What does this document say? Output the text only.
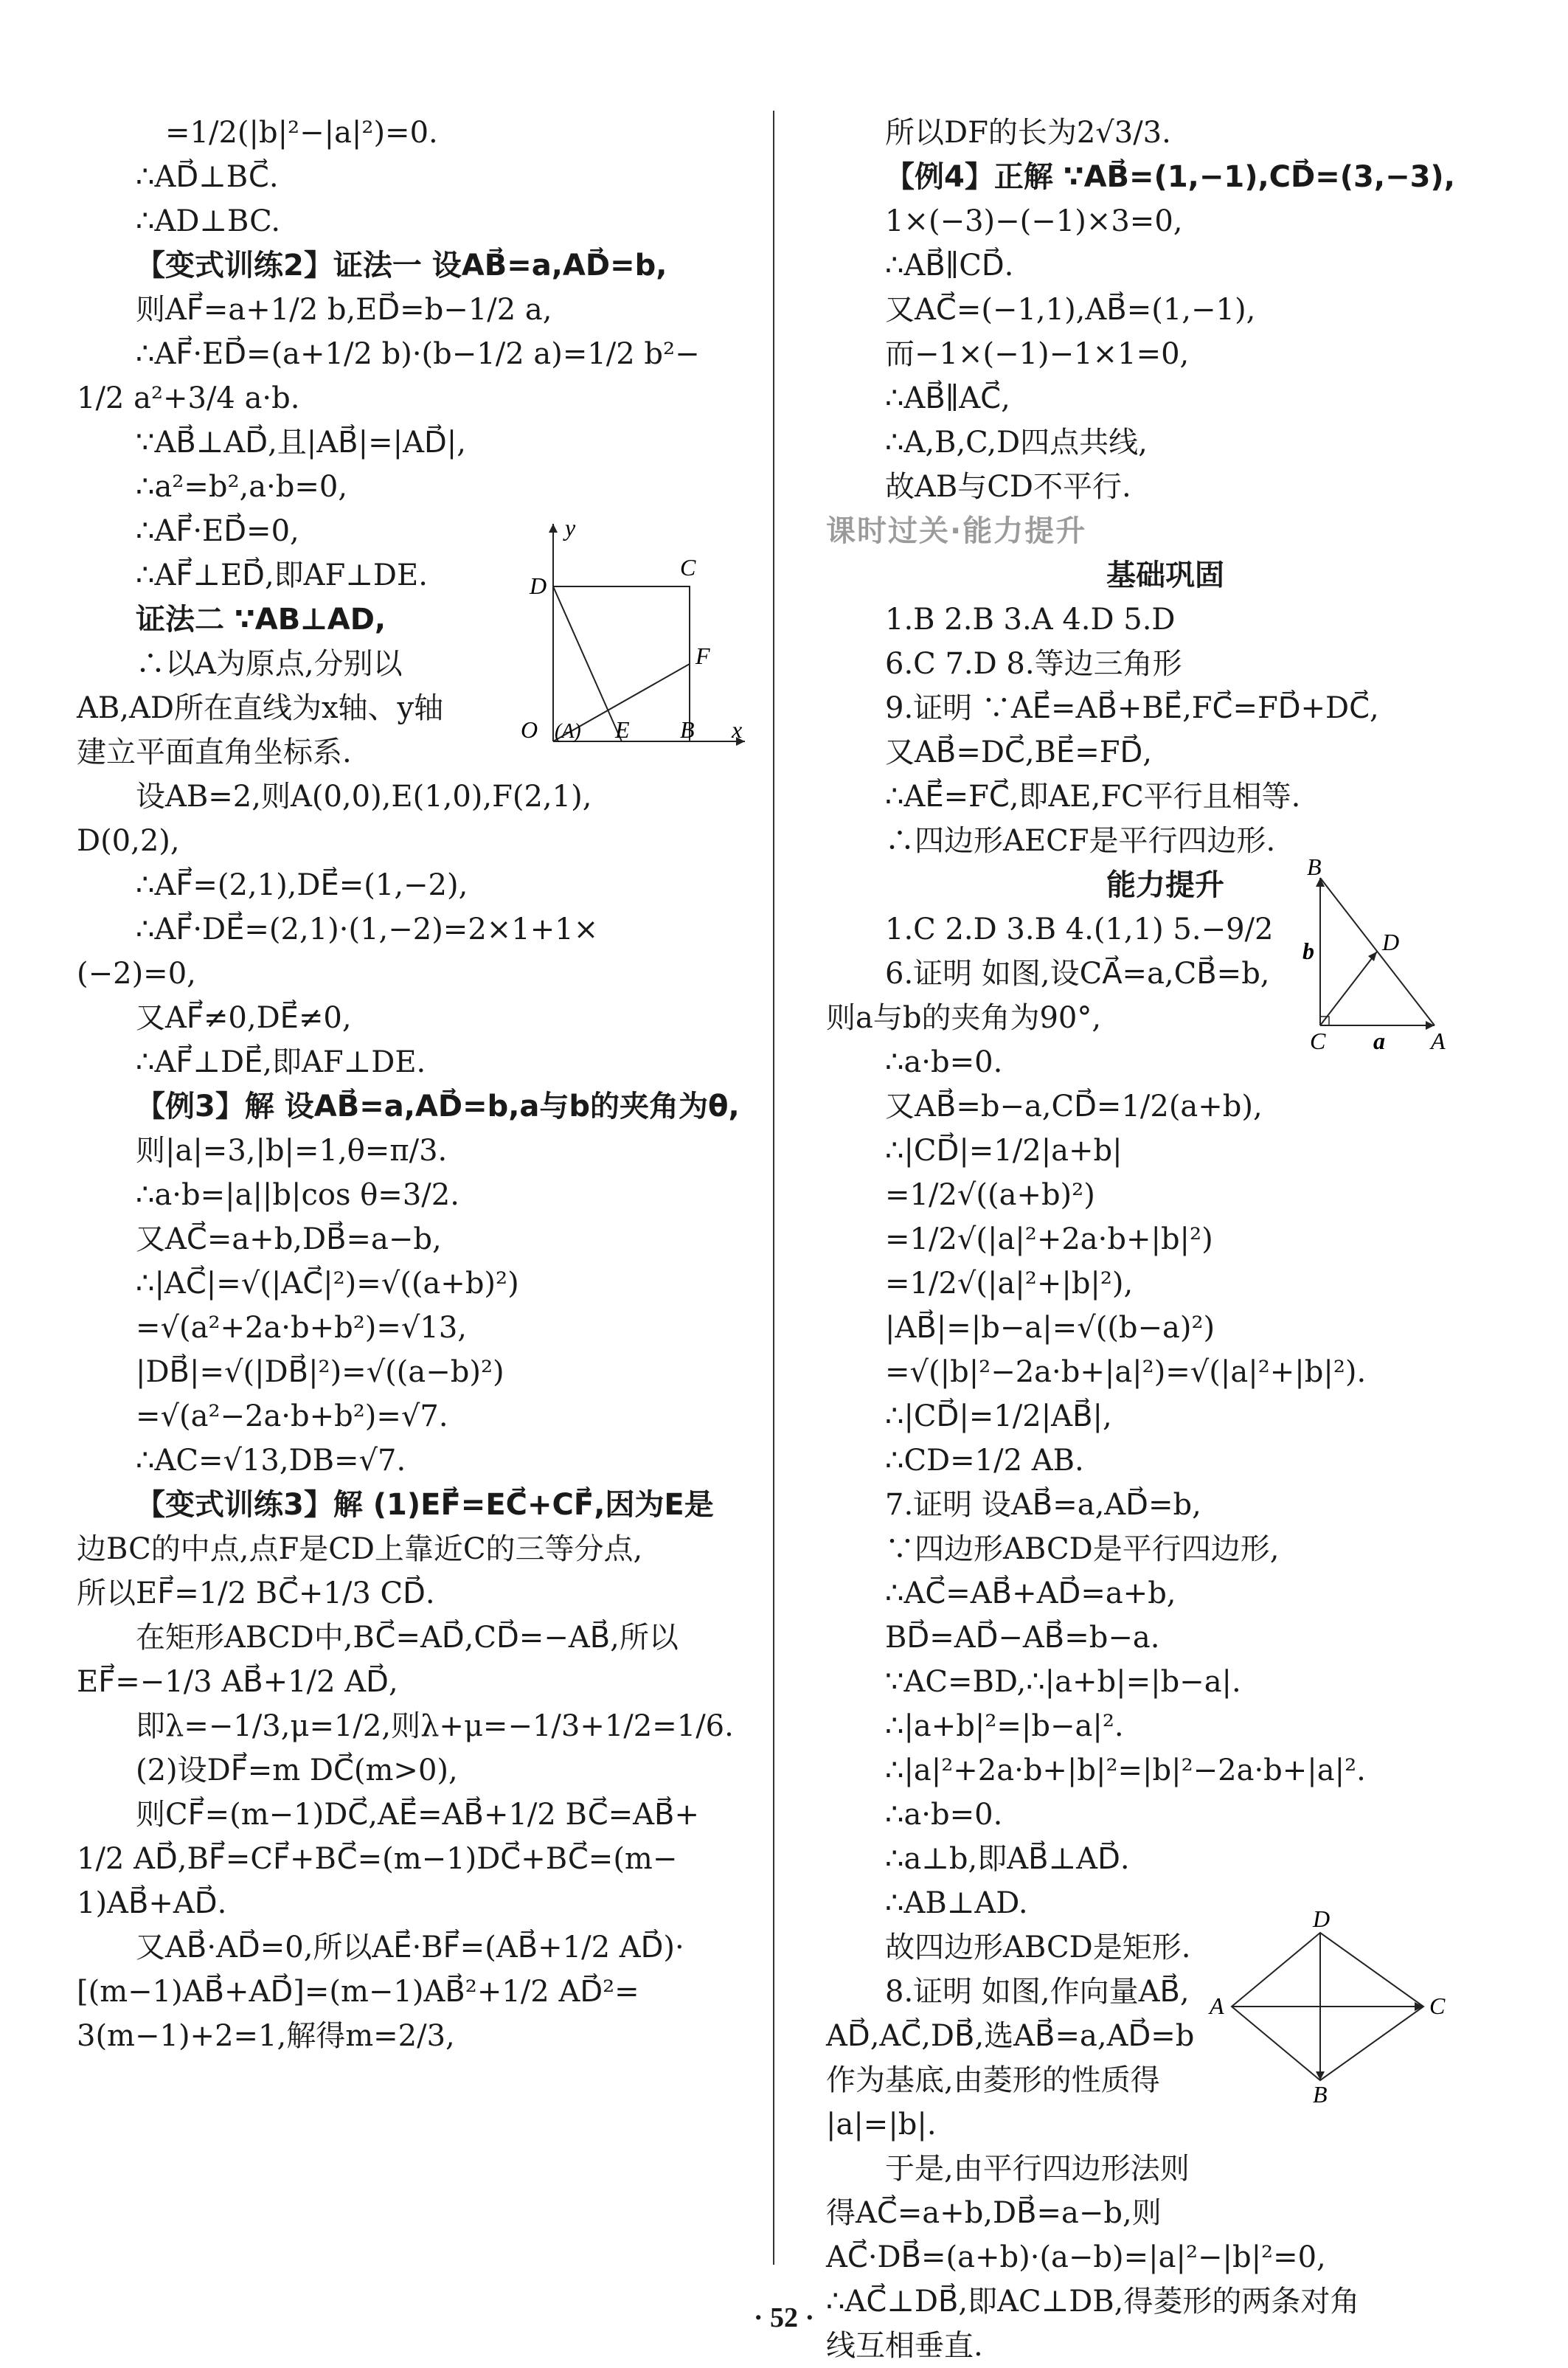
=1/2(|b|²−|a|²)=0.
∴AD⃗⊥BC⃗.
∴AD⊥BC.
【变式训练2】证法一 设AB⃗=a,AD⃗=b,
则AF⃗=a+1/2 b,ED⃗=b−1/2 a,
∴AF⃗·ED⃗=(a+1/2 b)·(b−1/2 a)=1/2 b²−
1/2 a²+3/4 a·b.
∵AB⃗⊥AD⃗,且|AB⃗|=|AD⃗|,
∴a²=b²,a·b=0,
∴AF⃗·ED⃗=0,
∴AF⃗⊥ED⃗,即AF⊥DE.
证法二 ∵AB⊥AD,
∴以A为原点,分别以
AB,AD所在直线为x轴、y轴
建立平面直角坐标系.
设AB=2,则A(0,0),E(1,0),F(2,1),
D(0,2),
∴AF⃗=(2,1),DE⃗=(1,−2),
∴AF⃗·DE⃗=(2,1)·(1,−2)=2×1+1×
(−2)=0,
又AF⃗≠0,DE⃗≠0,
∴AF⃗⊥DE⃗,即AF⊥DE.
【例3】解 设AB⃗=a,AD⃗=b,a与b的夹角为θ,
则|a|=3,|b|=1,θ=π/3.
∴a·b=|a||b|cos θ=3/2.
又AC⃗=a+b,DB⃗=a−b,
∴|AC⃗|=√(|AC⃗|²)=√((a+b)²)
=√(a²+2a·b+b²)=√13,
|DB⃗|=√(|DB⃗|²)=√((a−b)²)
=√(a²−2a·b+b²)=√7.
∴AC=√13,DB=√7.
【变式训练3】解 (1)EF⃗=EC⃗+CF⃗,因为E是
边BC的中点,点F是CD上靠近C的三等分点,
所以EF⃗=1/2 BC⃗+1/3 CD⃗.
在矩形ABCD中,BC⃗=AD⃗,CD⃗=−AB⃗,所以
EF⃗=−1/3 AB⃗+1/2 AD⃗,
即λ=−1/3,μ=1/2,则λ+μ=−1/3+1/2=1/6.
(2)设DF⃗=m DC⃗(m>0),
则CF⃗=(m−1)DC⃗,AE⃗=AB⃗+1/2 BC⃗=AB⃗+
1/2 AD⃗,BF⃗=CF⃗+BC⃗=(m−1)DC⃗+BC⃗=(m−
1)AB⃗+AD⃗.
又AB⃗·AD⃗=0,所以AE⃗·BF⃗=(AB⃗+1/2 AD⃗)·
[(m−1)AB⃗+AD⃗]=(m−1)AB⃗²+1/2 AD⃗²=
3(m−1)+2=1,解得m=2/3,
y
D
C
F
O (A) E B x
所以DF的长为2√3/3.
【例4】正解 ∵AB⃗=(1,−1),CD⃗=(3,−3),
1×(−3)−(−1)×3=0,
∴AB⃗∥CD⃗.
又AC⃗=(−1,1),AB⃗=(1,−1),
而−1×(−1)−1×1=0,
∴AB⃗∥AC⃗,
∴A,B,C,D四点共线,
故AB与CD不平行.
课时过关·能力提升
基础巩固
1.B 2.B 3.A 4.D 5.D
6.C 7.D 8.等边三角形
9.证明 ∵AE⃗=AB⃗+BE⃗,FC⃗=FD⃗+DC⃗,
又AB⃗=DC⃗,BE⃗=FD⃗,
∴AE⃗=FC⃗,即AE,FC平行且相等.
∴四边形AECF是平行四边形.
能力提升
1.C 2.D 3.B 4.(1,1) 5.−9/2
6.证明 如图,设CA⃗=a,CB⃗=b,
则a与b的夹角为90°,
∴a·b=0.
又AB⃗=b−a,CD⃗=1/2(a+b),
∴|CD⃗|=1/2|a+b|
=1/2√((a+b)²)
=1/2√(|a|²+2a·b+|b|²)
=1/2√(|a|²+|b|²),
|AB⃗|=|b−a|=√((b−a)²)
=√(|b|²−2a·b+|a|²)=√(|a|²+|b|²).
∴|CD⃗|=1/2|AB⃗|,
∴CD=1/2 AB.
7.证明 设AB⃗=a,AD⃗=b,
∵四边形ABCD是平行四边形,
∴AC⃗=AB⃗+AD⃗=a+b,
BD⃗=AD⃗−AB⃗=b−a.
∵AC=BD,∴|a+b|=|b−a|.
∴|a+b|²=|b−a|².
∴|a|²+2a·b+|b|²=|b|²−2a·b+|a|².
∴a·b=0.
∴a⊥b,即AB⃗⊥AD⃗.
∴AB⊥AD.
故四边形ABCD是矩形.
8.证明 如图,作向量AB⃗,
AD⃗,AC⃗,DB⃗,选AB⃗=a,AD⃗=b
作为基底,由菱形的性质得
|a|=|b|.
于是,由平行四边形法则
得AC⃗=a+b,DB⃗=a−b,则
AC⃗·DB⃗=(a+b)·(a−b)=|a|²−|b|²=0,
∴AC⃗⊥DB⃗,即AC⊥DB,得菱形的两条对角
线互相垂直.
B
D
b
C a A
D
A	C
B
· 52 ·
